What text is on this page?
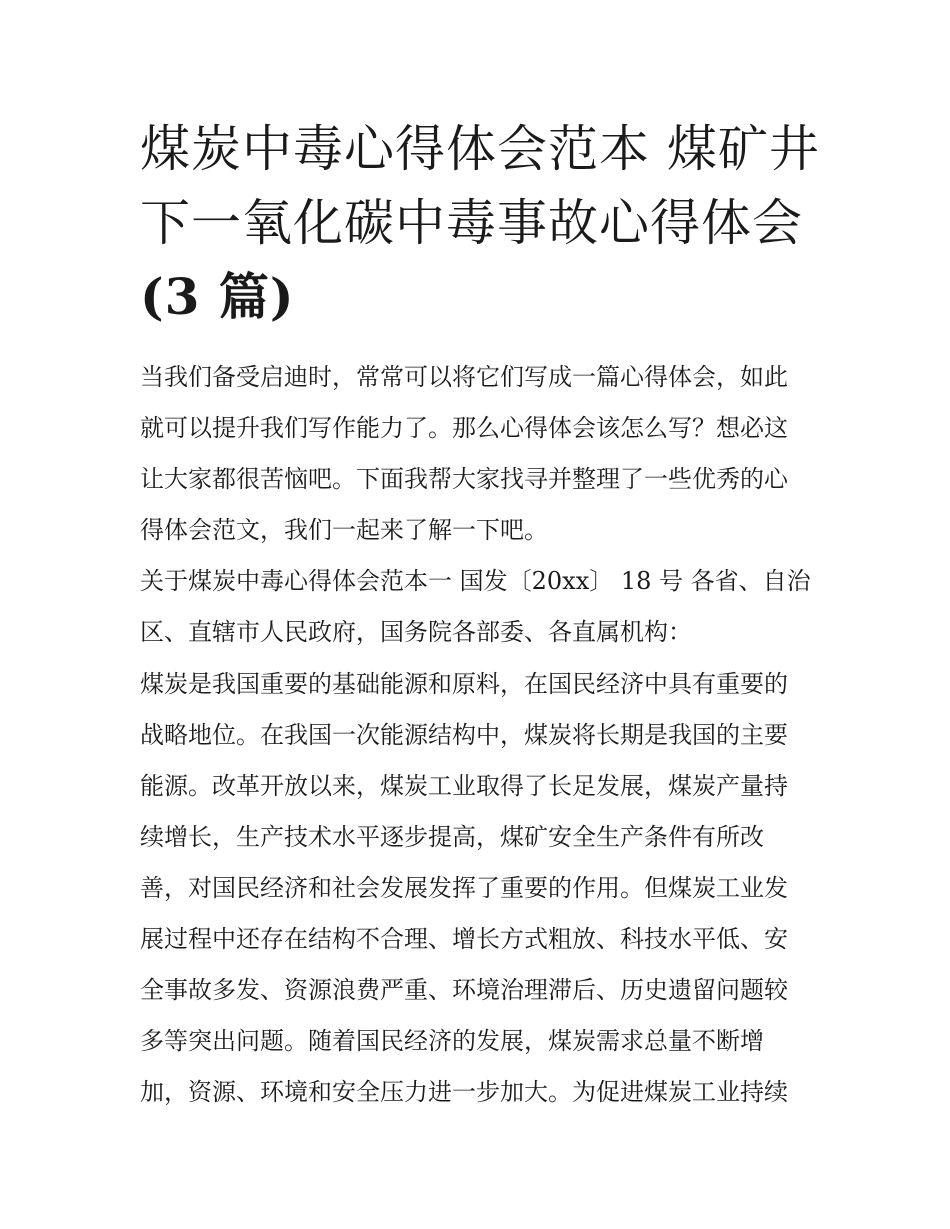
煤炭中毒心得体会范本 煤矿井
下一氧化碳中毒事故心得体会
(3 篇)
当我们备受启迪时，常常可以将它们写成一篇心得体会，如此
就可以提升我们写作能力了。那么心得体会该怎么写？想必这
让大家都很苦恼吧。下面我帮大家找寻并整理了一些优秀的心
得体会范文，我们一起来了解一下吧。
关于煤炭中毒心得体会范本一 国发〔20xx〕 18 号 各省、自治
区、直辖市人民政府，国务院各部委、各直属机构：
煤炭是我国重要的基础能源和原料，在国民经济中具有重要的
战略地位。在我国一次能源结构中，煤炭将长期是我国的主要
能源。改革开放以来，煤炭工业取得了长足发展，煤炭产量持
续增长，生产技术水平逐步提高，煤矿安全生产条件有所改
善，对国民经济和社会发展发挥了重要的作用。但煤炭工业发
展过程中还存在结构不合理、增长方式粗放、科技水平低、安
全事故多发、资源浪费严重、环境治理滞后、历史遗留问题较
多等突出问题。随着国民经济的发展，煤炭需求总量不断增
加，资源、环境和安全压力进一步加大。为促进煤炭工业持续
